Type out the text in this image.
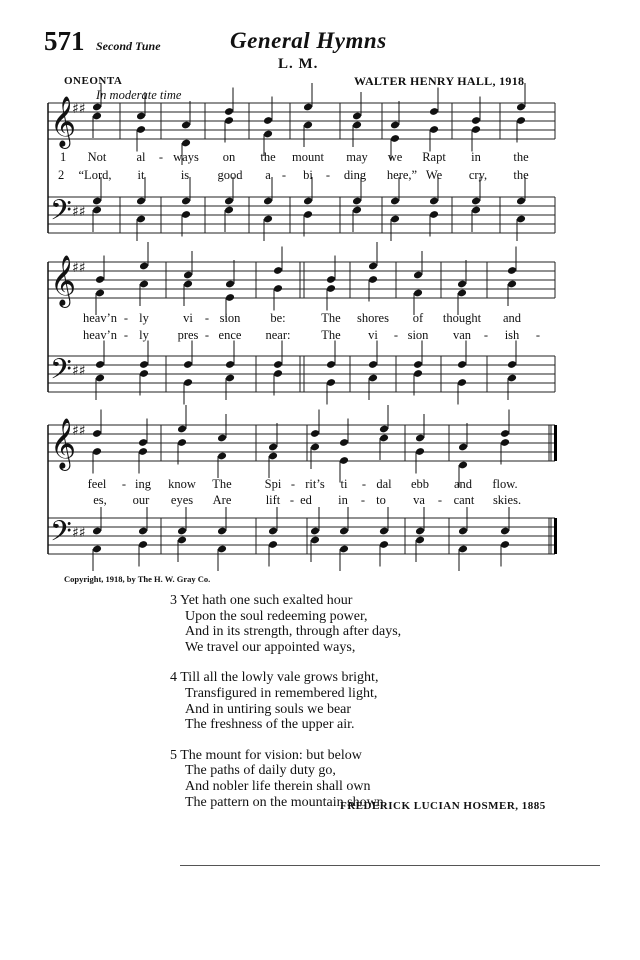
571 Second Tune	General Hymns
L. M.
ONEONTA	WALTER HENRY HALL, 1918
In moderate time
𝄞
♯♯
𝄢 ♯♯
𝄞
♯♯
𝄢 ♯♯
𝄞
♯♯
𝄢 ♯♯
1 Not al - ways on the mount may we Rapt in	the
2 “Lord, it	is good a - bi - ding here,” We cry, the
heav’n - ly	vi - sion be:	The shores of thought and
heav’n - ly pres - ence near: The vi - sion van - ish -
feel - ing know The	Spi - rit’s ti - dal ebb and flow.
es, our eyes Are	lift - ed in - to va - cant skies.
Copyright, 1918, by The H. W. Gray Co.
3 Yet hath one such exalted hour
Upon the soul redeeming power,
And in its strength, through after days,
We travel our appointed ways,
4 Till all the lowly vale grows bright,
Transfigured in remembered light,
And in untiring souls we bear
The freshness of the upper air.
5 The mount for vision: but below
The paths of daily duty go,
And nobler life therein shall own
The pattern on the mountain shown.
FREDERICK LUCIAN HOSMER, 1885
